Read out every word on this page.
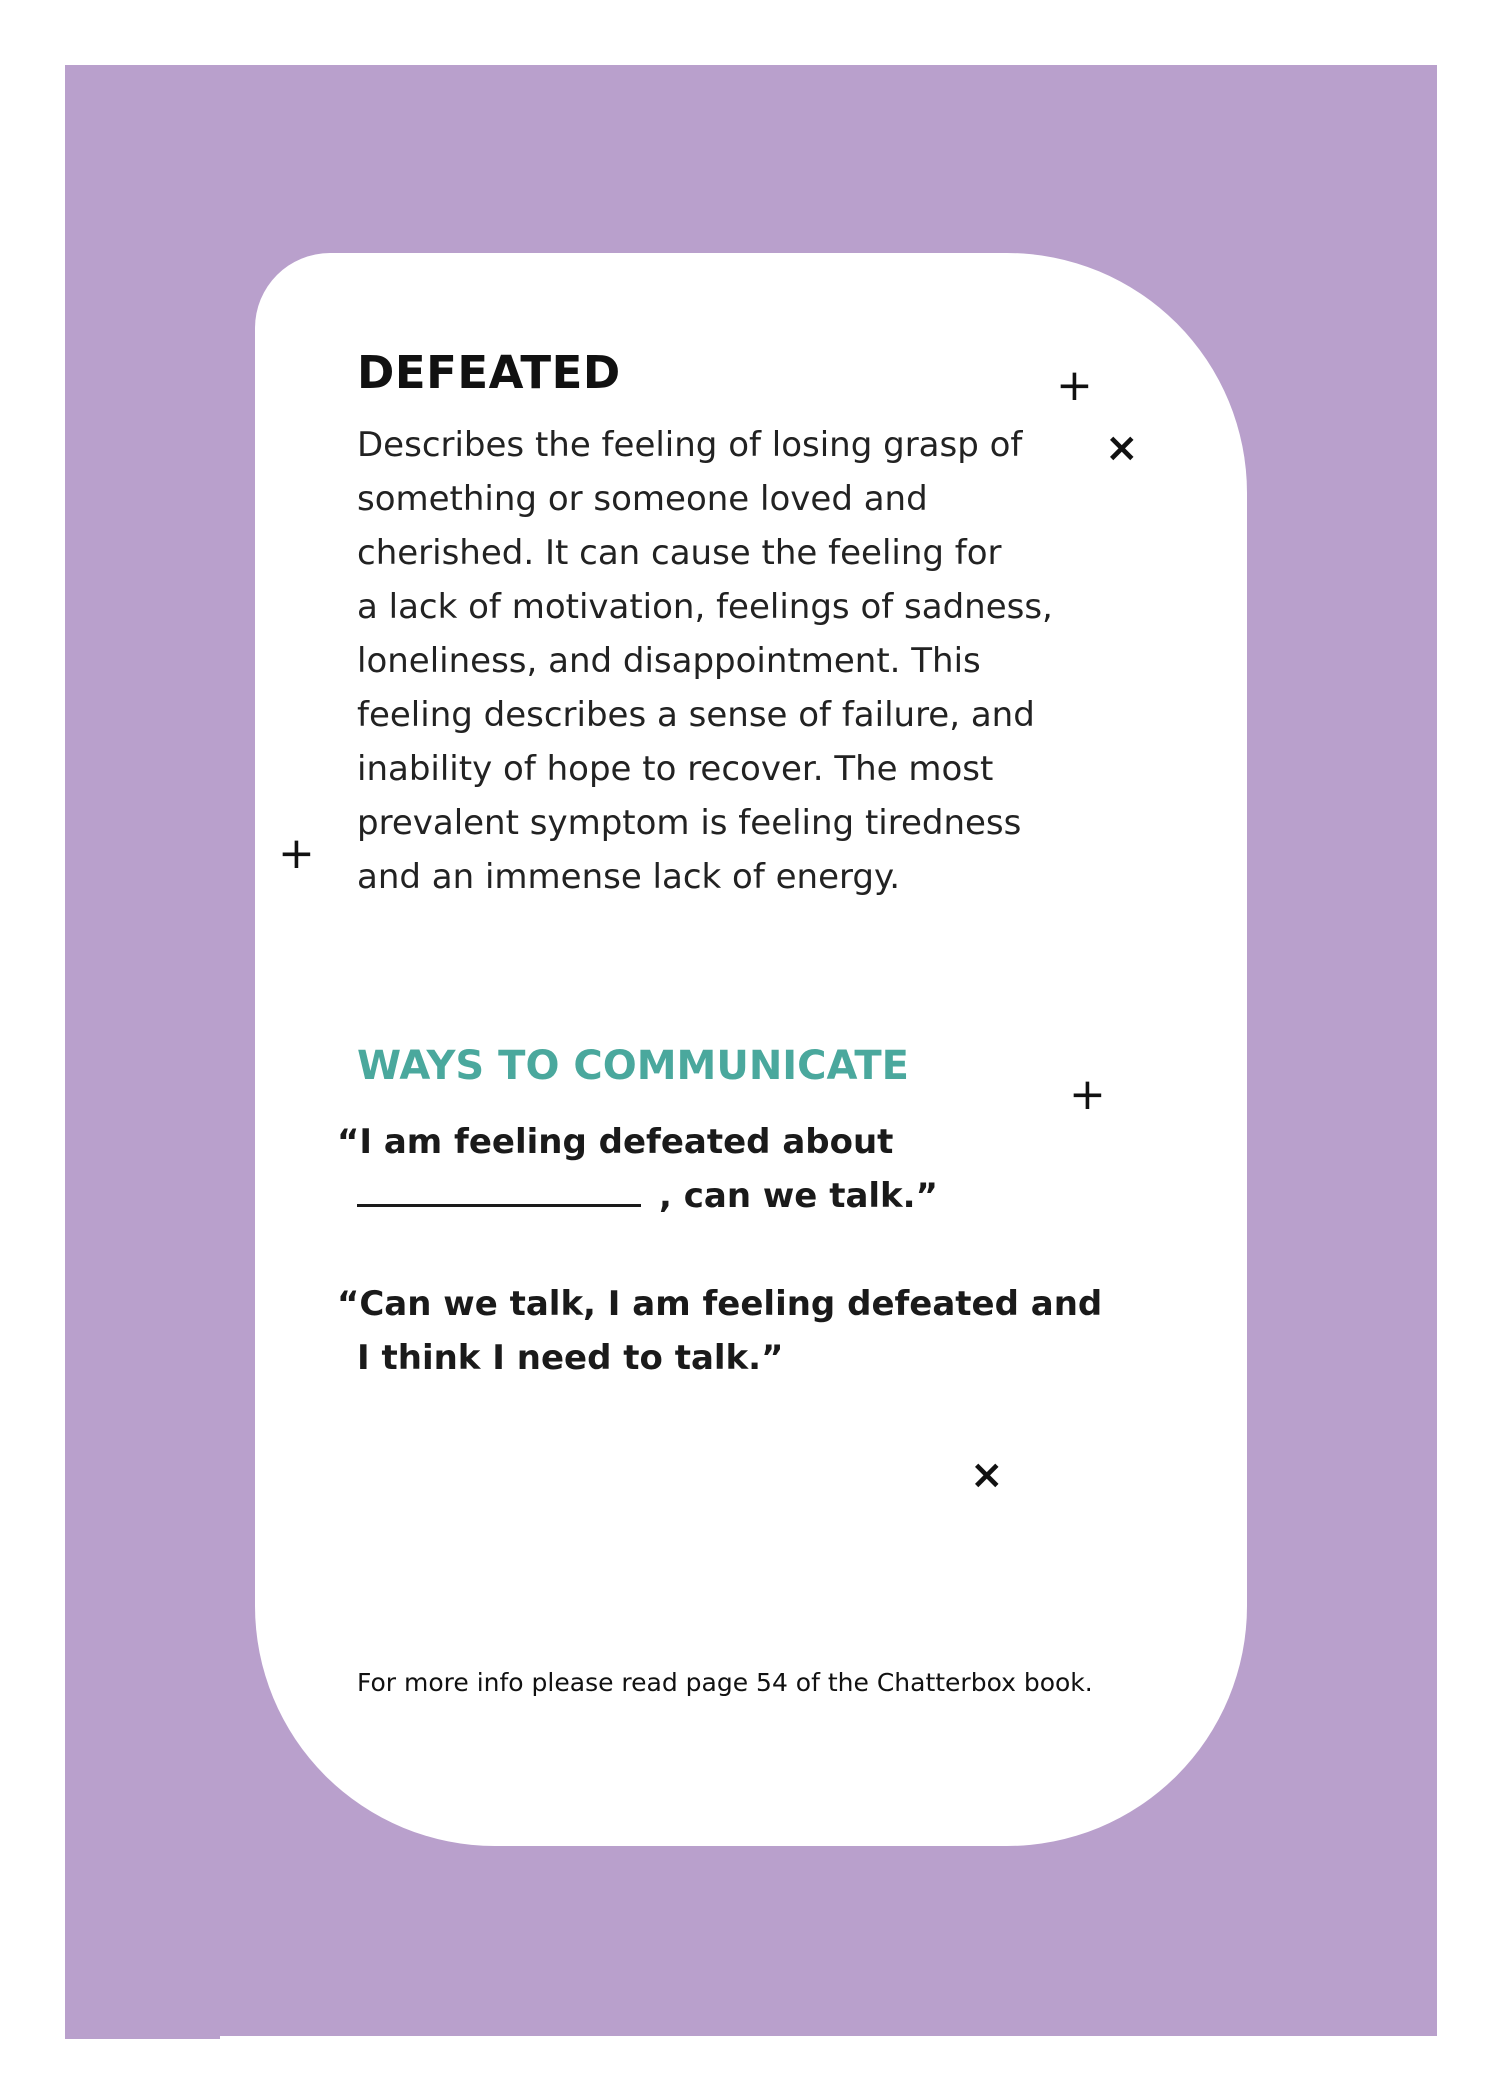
DEFEATED

Describes the feeling of losing grasp of
something or someone loved and
cherished. It can cause the feeling for
a lack of motivation, feelings of sadness,
loneliness, and disappointment. This
feeling describes a sense of failure, and
inability of hope to recover. The most
prevalent symptom is feeling tiredness
and an immense lack of energy.

WAYS TO COMMUNICATE

“I am feeling defeated about
, can we talk.”

“Can we talk, I am feeling defeated and
I think I need to talk.”

For more info please read page 54 of the Chatterbox book.

+
×
+
+
×
